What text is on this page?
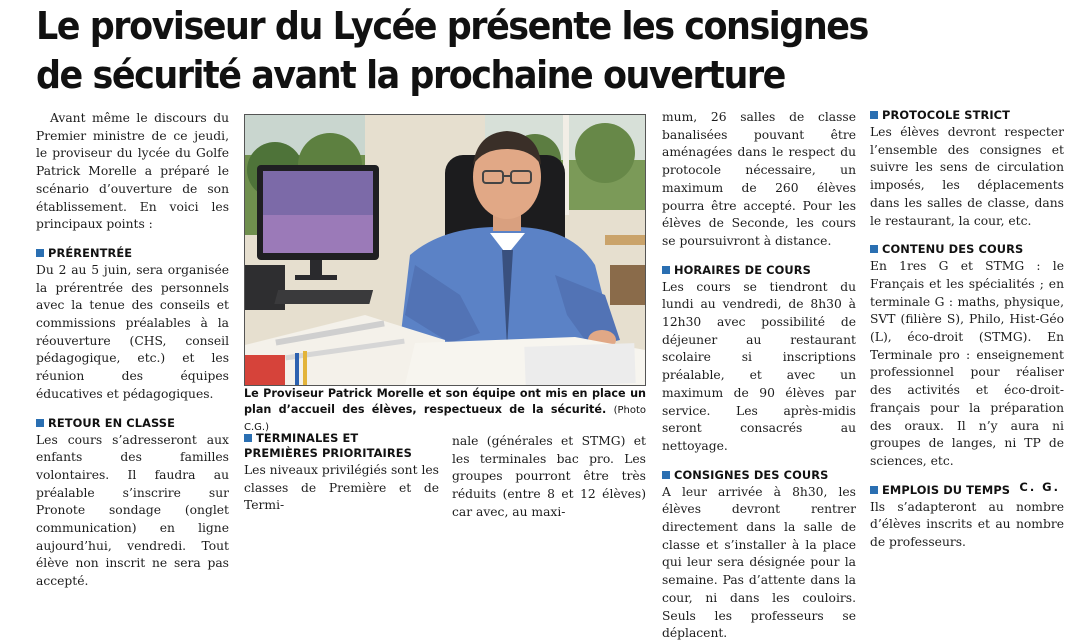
Le proviseur du Lycée présente les consignes
de sécurité avant la prochaine ouverture

Avant même le discours du Premier ministre de ce jeudi, le proviseur du lycée du Golfe Patrick Morelle a préparé le scénario d’ouverture de son établissement. En voici les principaux points :

PRÉRENTRÉE

Du 2 au 5 juin, sera organisée la prérentrée des personnels avec la tenue des conseils et commissions préalables à la réouverture (CHS, conseil pédagogique, etc.) et les réunion des équipes éducatives et pédagogiques.

RETOUR EN CLASSE

Les cours s’adresseront aux enfants des familles volontaires. Il faudra au préalable s’inscrire sur Pronote sondage (onglet communication) en ligne aujourd’hui, vendredi. Tout élève non inscrit ne sera pas accepté.

Le Proviseur Patrick Morelle et son équipe ont mis en place un plan d’accueil des élèves, respectueux de la sécurité. (Photo C.G.)
TERMINALES ET
PREMIÈRES PRIORITAIRES

Les niveaux privilégiés sont les classes de Première et de Termi-

nale (générales et STMG) et les terminales bac pro. Les groupes pourront être très réduits (entre 8 et 12 élèves) car avec, au maxi-

mum, 26 salles de classe banalisées pouvant être aménagées dans le respect du protocole nécessaire, un maximum de 260 élèves pourra être accepté. Pour les élèves de Seconde, les cours se poursuivront à distance.

HORAIRES DE COURS

Les cours se tiendront du lundi au vendredi, de 8h30 à 12h30 avec possibilité de déjeuner au restaurant scolaire si inscriptions préalable, et avec un maximum de 90 élèves par service. Les après-midis seront consacrés au nettoyage.

CONSIGNES DES COURS

A leur arrivée à 8h30, les élèves devront rentrer directement dans la salle de classe et s’installer à la place qui leur sera désignée pour la semaine. Pas d’attente dans la cour, ni dans les couloirs. Seuls les professeurs se déplacent.

PROTOCOLE STRICT

Les élèves devront respecter l’ensemble des consignes et suivre les sens de circulation imposés, les déplacements dans les salles de classe, dans le restaurant, la cour, etc.

CONTENU DES COURS

En 1res G et STMG : le Français et les spécialités ; en terminale G : maths, physique, SVT (filière S), Philo, Hist-Géo (L), éco-droit (STMG). En Terminale pro : enseignement professionnel pour réaliser des activités et éco-droit-français pour la préparation des oraux. Il n’y aura ni groupes de langes, ni TP de sciences, etc.

EMPLOIS DU TEMPS

Ils s’adapteront au nombre d’élèves inscrits et au nombre de professeurs.

C. G.
